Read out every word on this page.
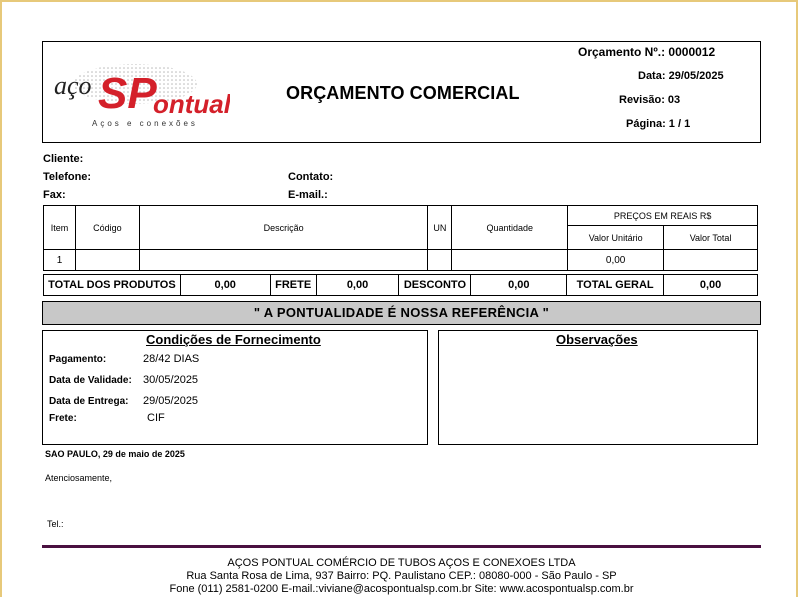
aço SP
ontual
Aços e conexões
ORÇAMENTO COMERCIAL
Orçamento Nº.: 0000012
Data: 29/05/2025
Revisão: 03
Página: 1 / 1
Cliente:
Telefone:	Contato:
Fax:	E-mail.:
Item	Código	Descrição	UN	Quantidade	PREÇOS EM REAIS R$	
					Valor Unitário	Valor Total
1					0,00	
TOTAL DOS PRODUTOS	0,00	FRETE	0,00	DESCONTO	0,00	TOTAL GERAL	0,00
" A PONTUALIDADE É NOSSA REFERÊNCIA "
Condições de Fornecimento
Pagamento:	28/42 DIAS
Data de Validade: 30/05/2025
Data de Entrega: 29/05/2025
Frete:	CIF
Observações
SAO PAULO, 29 de maio de 2025
Atenciosamente,
Tel.:
AÇOS PONTUAL COMÉRCIO DE TUBOS AÇOS E CONEXOES LTDA
Rua Santa Rosa de Lima, 937 Bairro: PQ. Paulistano CEP.: 08080-000 - São Paulo - SP
Fone (011) 2581-0200 E-mail.:viviane@acospontualsp.com.br Site: www.acospontualsp.com.br
